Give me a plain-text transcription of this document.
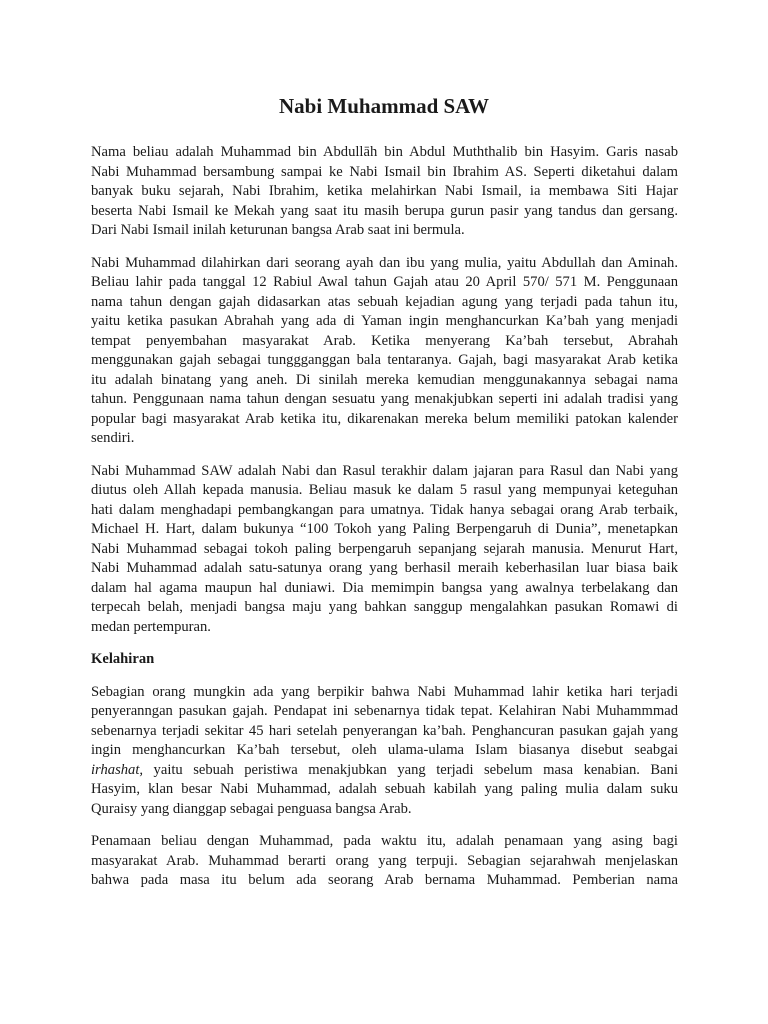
Nabi Muhammad SAW

Nama beliau adalah Muhammad bin Abdullāh bin Abdul Muththalib bin Hasyim. Garis nasab
Nabi Muhammad bersambung sampai ke Nabi Ismail bin Ibrahim AS. Seperti diketahui dalam
banyak buku sejarah, Nabi Ibrahim, ketika melahirkan Nabi Ismail, ia membawa Siti Hajar
beserta Nabi Ismail ke Mekah yang saat itu masih berupa gurun pasir yang tandus dan gersang.
Dari Nabi Ismail inilah keturunan bangsa Arab saat ini bermula.

Nabi Muhammad dilahirkan dari seorang ayah dan ibu yang mulia, yaitu Abdullah dan Aminah.
Beliau lahir pada tanggal 12 Rabiul Awal tahun Gajah atau 20 April 570/ 571 M. Penggunaan
nama tahun dengan gajah didasarkan atas sebuah kejadian agung yang terjadi pada tahun itu,
yaitu ketika pasukan Abrahah yang ada di Yaman ingin menghancurkan Ka’bah yang menjadi
tempat penyembahan masyarakat Arab. Ketika menyerang Ka’bah tersebut, Abrahah
menggunakan gajah sebagai tunggganggan bala tentaranya. Gajah, bagi masyarakat Arab ketika
itu adalah binatang yang aneh. Di sinilah mereka kemudian menggunakannya sebagai nama
tahun. Penggunaan nama tahun dengan sesuatu yang menakjubkan seperti ini adalah tradisi yang
popular bagi masyarakat Arab ketika itu, dikarenakan mereka belum memiliki patokan kalender
sendiri.

Nabi Muhammad SAW adalah Nabi dan Rasul terakhir dalam jajaran para Rasul dan Nabi yang
diutus oleh Allah kepada manusia. Beliau masuk ke dalam 5 rasul yang mempunyai keteguhan
hati dalam menghadapi pembangkangan para umatnya. Tidak hanya sebagai orang Arab terbaik,
Michael H. Hart, dalam bukunya “100 Tokoh yang Paling Berpengaruh di Dunia”, menetapkan
Nabi Muhammad sebagai tokoh paling berpengaruh sepanjang sejarah manusia. Menurut Hart,
Nabi Muhammad adalah satu-satunya orang yang berhasil meraih keberhasilan luar biasa baik
dalam hal agama maupun hal duniawi. Dia memimpin bangsa yang awalnya terbelakang dan
terpecah belah, menjadi bangsa maju yang bahkan sanggup mengalahkan pasukan Romawi di
medan pertempuran.

Kelahiran

Sebagian orang mungkin ada yang berpikir bahwa Nabi Muhammad lahir ketika hari terjadi
penyeranngan pasukan gajah. Pendapat ini sebenarnya tidak tepat. Kelahiran Nabi Muhammmad
sebenarnya terjadi sekitar 45 hari setelah penyerangan ka’bah. Penghancuran pasukan gajah yang
ingin menghancurkan Ka’bah tersebut, oleh ulama-ulama Islam biasanya disebut seabgai
irhashat, yaitu sebuah peristiwa menakjubkan yang terjadi sebelum masa kenabian. Bani
Hasyim, klan besar Nabi Muhammad, adalah sebuah kabilah yang paling mulia dalam suku
Quraisy yang dianggap sebagai penguasa bangsa Arab.

Penamaan beliau dengan Muhammad, pada waktu itu, adalah penamaan yang asing bagi
masyarakat Arab. Muhammad berarti orang yang terpuji. Sebagian sejarahwah menjelaskan
bahwa pada masa itu belum ada seorang Arab bernama Muhammad. Pemberian nama
